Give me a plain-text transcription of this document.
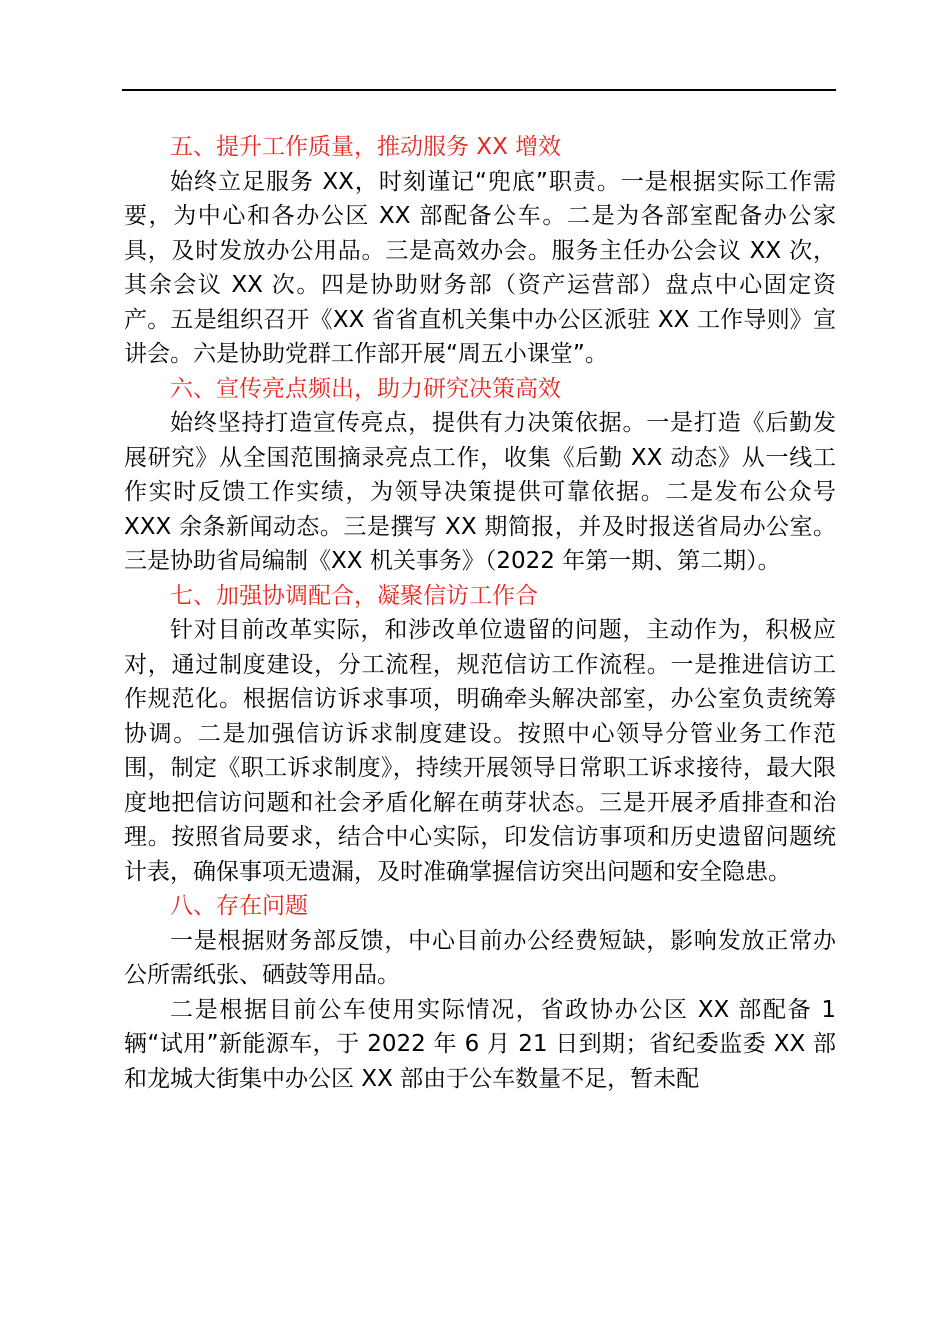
五、提升工作质量，推动服务 XX 增效

始终立足服务 XX，时刻谨记“兜底”职责。一是根据实际工作需要，为中心和各办公区 XX 部配备公车。二是为各部室配备办公家具，及时发放办公用品。三是高效办会。服务主任办公会议 XX 次，其余会议 XX 次。四是协助财务部（资产运营部）盘点中心固定资产。五是组织召开《XX 省省直机关集中办公区派驻 XX 工作导则》宣讲会。六是协助党群工作部开展“周五小课堂”。

六、宣传亮点频出，助力研究决策高效

始终坚持打造宣传亮点，提供有力决策依据。一是打造《后勤发展研究》从全国范围摘录亮点工作，收集《后勤 XX 动态》从一线工作实时反馈工作实绩，为领导决策提供可靠依据。二是发布公众号 XXX 余条新闻动态。三是撰写 XX 期简报，并及时报送省局办公室。三是协助省局编制《XX 机关事务》（2022 年第一期、第二期）。

七、加强协调配合，凝聚信访工作合

针对目前改革实际，和涉改单位遗留的问题，主动作为，积极应对，通过制度建设，分工流程，规范信访工作流程。一是推进信访工作规范化。根据信访诉求事项，明确牵头解决部室，办公室负责统筹协调。二是加强信访诉求制度建设。按照中心领导分管业务工作范围，制定《职工诉求制度》，持续开展领导日常职工诉求接待，最大限度地把信访问题和社会矛盾化解在萌芽状态。三是开展矛盾排查和治理。按照省局要求，结合中心实际，印发信访事项和历史遗留问题统计表，确保事项无遗漏，及时准确掌握信访突出问题和安全隐患。

八、存在问题

一是根据财务部反馈，中心目前办公经费短缺，影响发放正常办公所需纸张、硒鼓等用品。

二是根据目前公车使用实际情况，省政协办公区 XX 部配备 1 辆“试用”新能源车，于 2022 年 6 月 21 日到期；省纪委监委 XX 部和龙城大街集中办公区 XX 部由于公车数量不足，暂未配
